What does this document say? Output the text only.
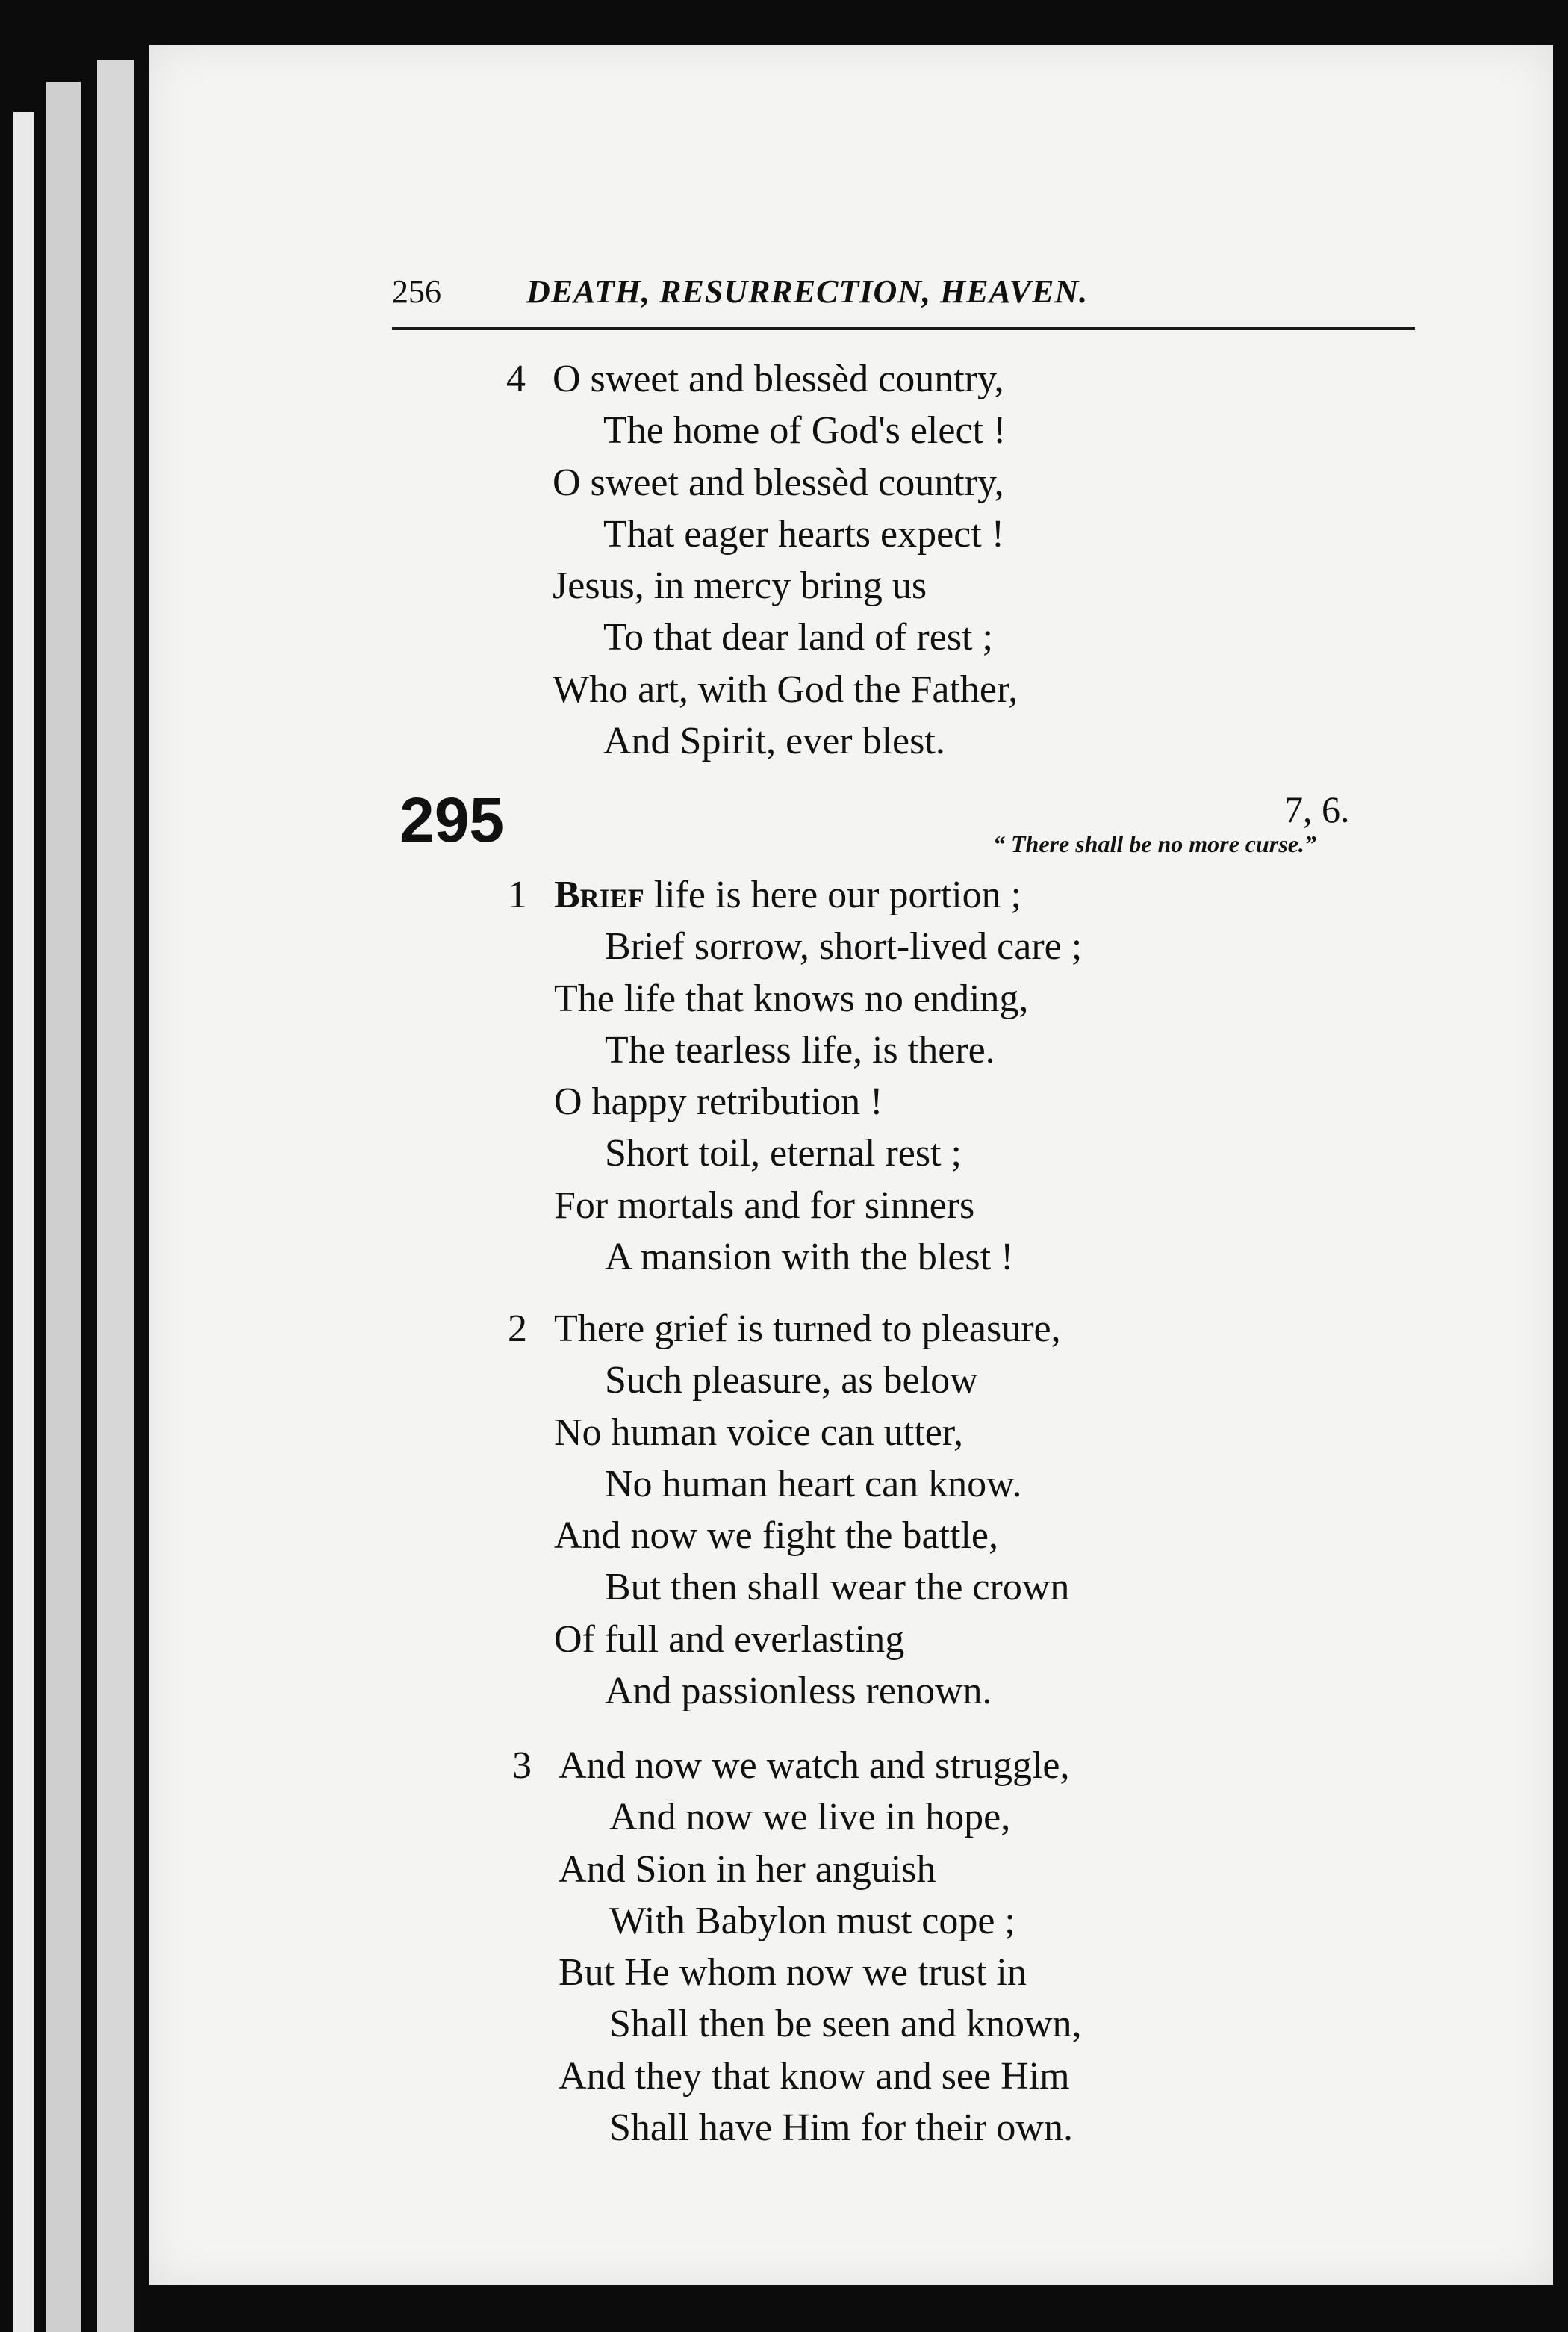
256	DEATH, RESURRECTION, HEAVEN.
4 O sweet and blessèd country,
The home of God's elect !
O sweet and blessèd country,
That eager hearts expect !
Jesus, in mercy bring us
To that dear land of rest ;
Who art, with God the Father,
And Spirit, ever blest.
295	7, 6.
“ There shall be no more curse.”
1 Brief life is here our portion ;
Brief sorrow, short-lived care ;
The life that knows no ending,
The tearless life, is there.
O happy retribution !
Short toil, eternal rest ;
For mortals and for sinners
A mansion with the blest !
2 There grief is turned to pleasure,
Such pleasure, as below
No human voice can utter,
No human heart can know.
And now we fight the battle,
But then shall wear the crown
Of full and everlasting
And passionless renown.
3 And now we watch and struggle,
And now we live in hope,
And Sion in her anguish
With Babylon must cope ;
But He whom now we trust in
Shall then be seen and known,
And they that know and see Him
Shall have Him for their own.
